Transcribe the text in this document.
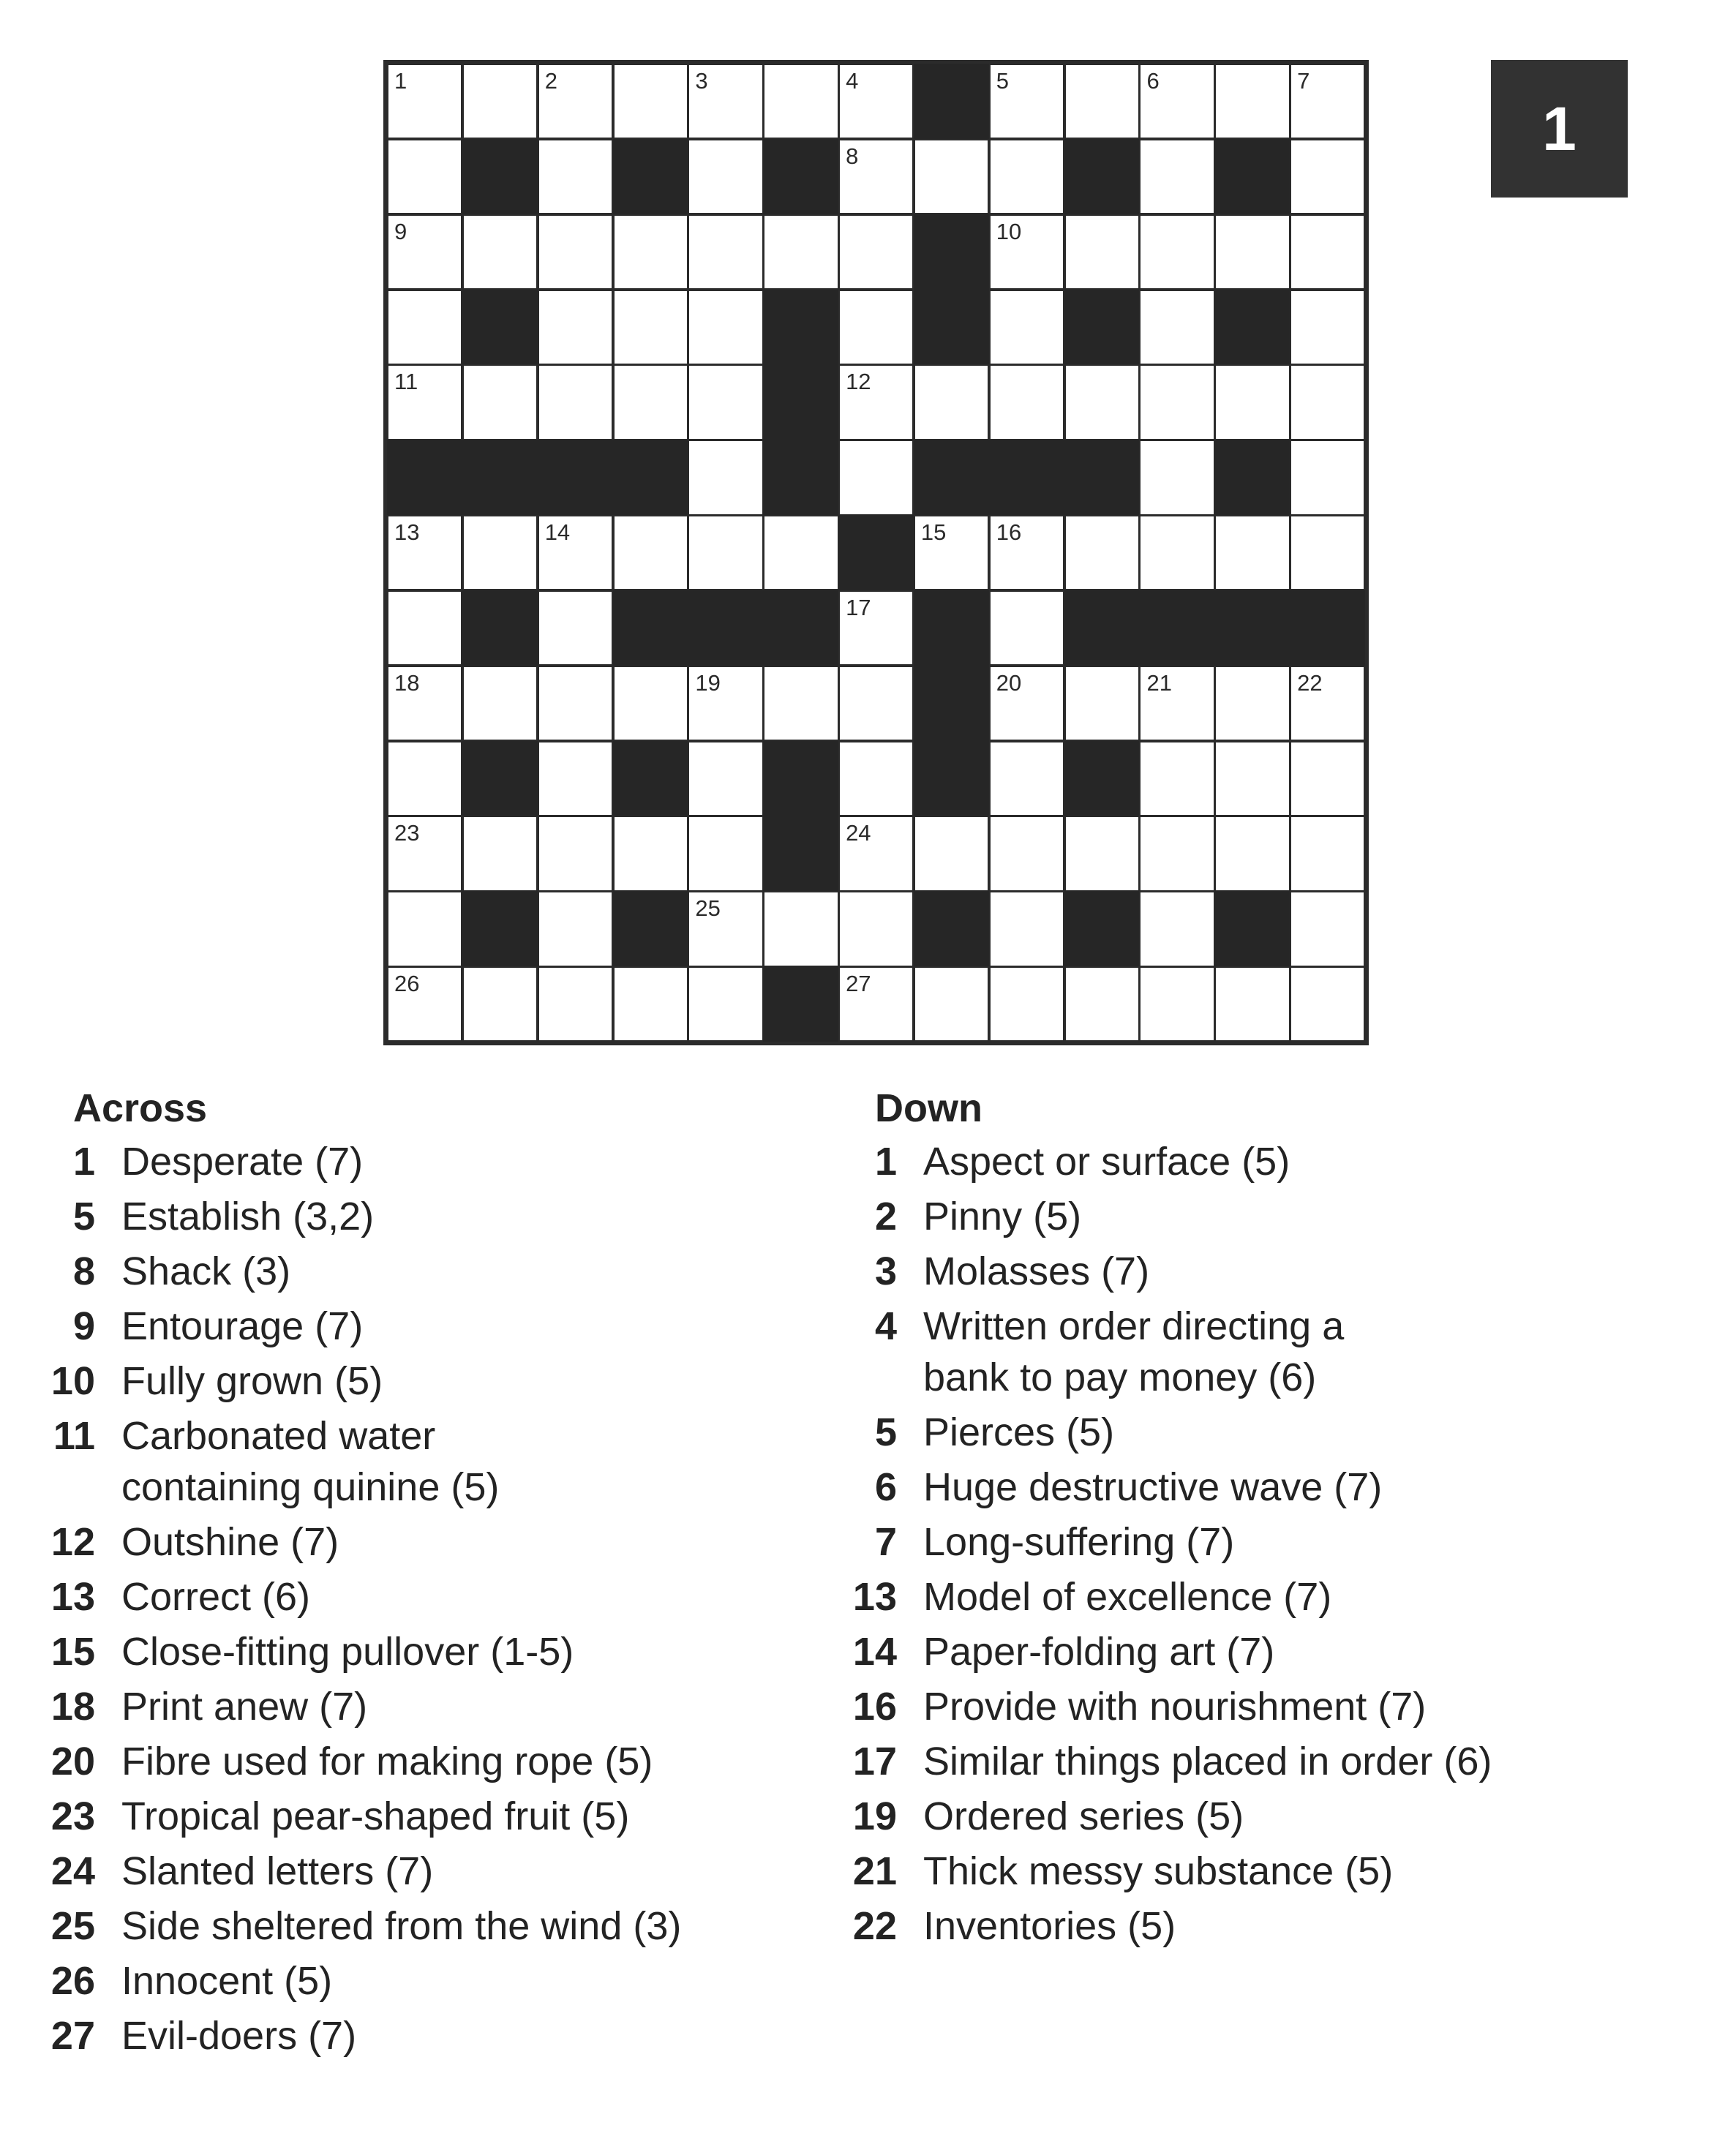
1	2	3	4	5	6	7
8
9	10
11	12
13	14	15 16
17
18	19	20	21	22
23	24
25
26	27
1
Across
1 Desperate (7)
5 Establish (3,2)
8 Shack (3)
9 Entourage (7)
10 Fully grown (5)
11 Carbonated water
containing quinine (5)
12 Outshine (7)
13 Correct (6)
15 Close-fitting pullover (1-5)
18 Print anew (7)
20 Fibre used for making rope (5)
23 Tropical pear-shaped fruit (5)
24 Slanted letters (7)
25 Side sheltered from the wind (3)
26 Innocent (5)
27 Evil-doers (7)
Down
1 Aspect or surface (5)
2 Pinny (5)
3 Molasses (7)
4 Written order directing a
bank to pay money (6)
5 Pierces (5)
6 Huge destructive wave (7)
7 Long-suffering (7)
13 Model of excellence (7)
14 Paper-folding art (7)
16 Provide with nourishment (7)
17 Similar things placed in order (6)
19 Ordered series (5)
21 Thick messy substance (5)
22 Inventories (5)
